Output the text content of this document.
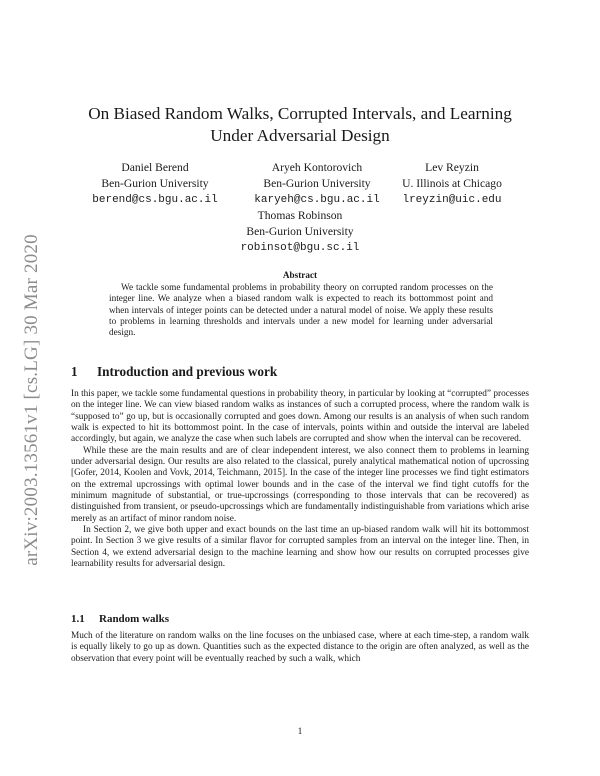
arXiv:2003.13561v1 [cs.LG] 30 Mar 2020
On Biased Random Walks, Corrupted Intervals, and Learning Under Adversarial Design
Daniel Berend
Ben-Gurion University
berend@cs.bgu.ac.il
Aryeh Kontorovich
Ben-Gurion University
karyeh@cs.bgu.ac.il
Lev Reyzin
U. Illinois at Chicago
lreyzin@uic.edu
Thomas Robinson
Ben-Gurion University
robinsot@bgu.sc.il
Abstract
We tackle some fundamental problems in probability theory on corrupted random processes on the integer line. We analyze when a biased random walk is expected to reach its bottommost point and when intervals of integer points can be detected under a natural model of noise. We apply these results to problems in learning thresholds and intervals under a new model for learning under adversarial design.
1 Introduction and previous work

In this paper, we tackle some fundamental questions in probability theory, in particular by looking at “corrupted” processes on the integer line. We can view biased random walks as instances of such a corrupted process, where the random walk is “supposed to” go up, but is occasionally corrupted and goes down. Among our results is an analysis of when such random walk is expected to hit its bottommost point. In the case of intervals, points within and outside the interval are labeled accordingly, but again, we analyze the case when such labels are corrupted and show when the interval can be recovered.

While these are the main results and are of clear independent interest, we also connect them to problems in learning under adversarial design. Our results are also related to the classical, purely analytical mathematical notion of upcrossing [Gofer, 2014, Koolen and Vovk, 2014, Teichmann, 2015]. In the case of the integer line processes we find tight estimators on the extremal upcrossings with optimal lower bounds and in the case of the interval we find tight cutoffs for the minimum magnitude of substantial, or true-upcrossings (corresponding to those intervals that can be recovered) as distinguished from transient, or pseudo-upcrossings which are fundamentally indistinguishable from variations which arise merely as an artifact of minor random noise.

In Section 2, we give both upper and exact bounds on the last time an up-biased random walk will hit its bottommost point. In Section 3 we give results of a similar flavor for corrupted samples from an interval on the integer line. Then, in Section 4, we extend adversarial design to the machine learning and show how our results on corrupted processes give learnability results for adversarial design.

1.1 Random walks

Much of the literature on random walks on the line focuses on the unbiased case, where at each time-step, a random walk is equally likely to go up as down. Quantities such as the expected distance to the origin are often analyzed, as well as the observation that every point will be eventually reached by such a walk, which

1
